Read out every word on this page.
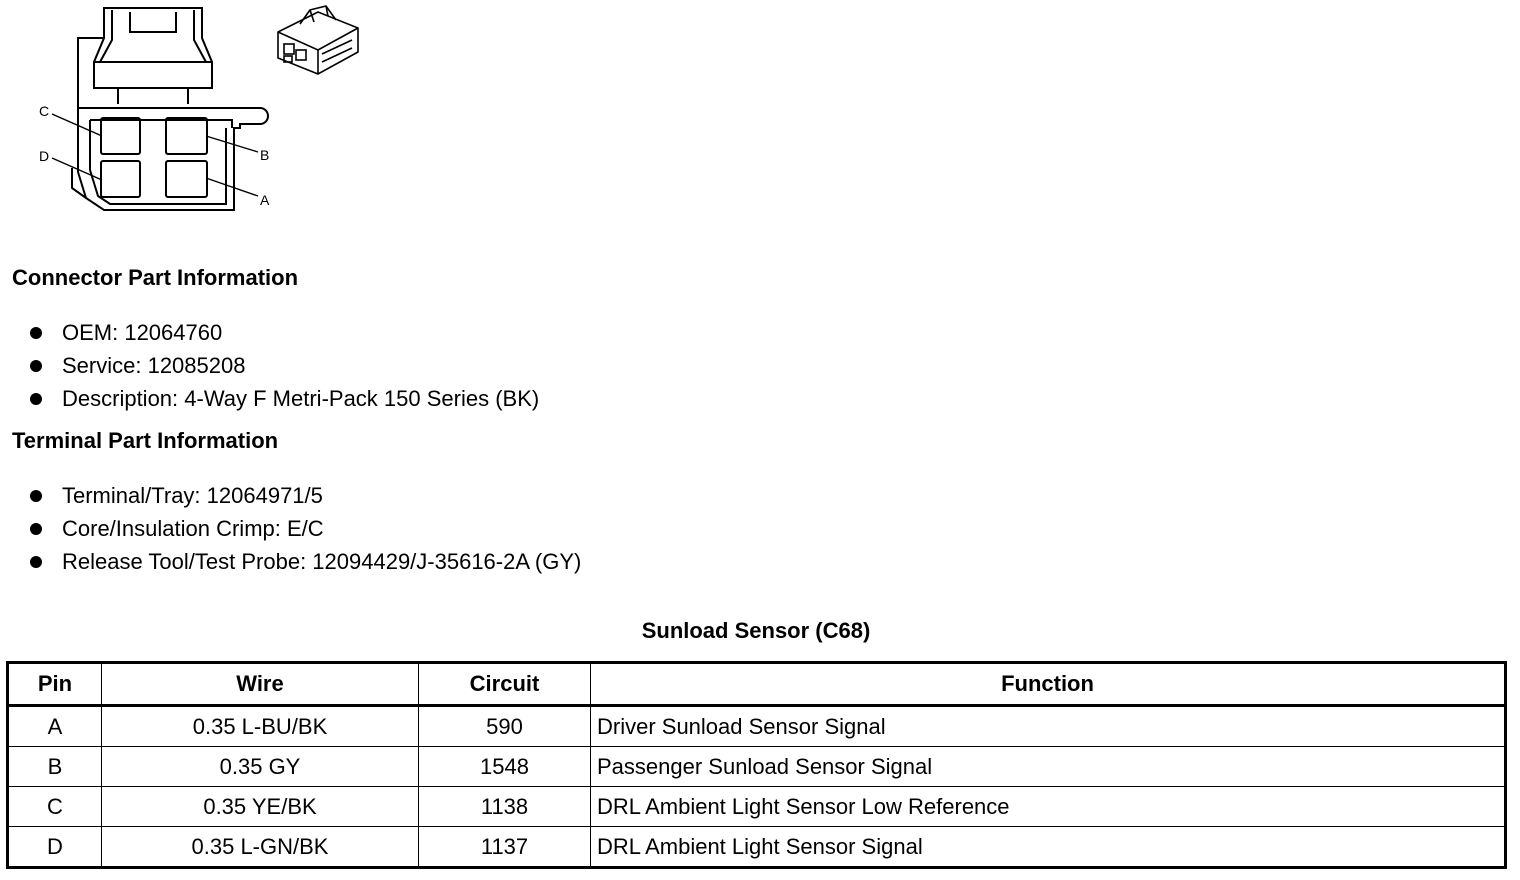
C
B
D
A
Connector Part Information
OEM: 12064760
Service: 12085208
Description: 4-Way F Metri-Pack 150 Series (BK)
Terminal Part Information
Terminal/Tray: 12064971/5
Core/Insulation Crimp: E/C
Release Tool/Test Probe: 12094429/J-35616-2A (GY)
Sunload Sensor (C68)
Pin	Wire	Circuit	Function
A	0.35 L-BU/BK	590	Driver Sunload Sensor Signal
B	0.35 GY	1548	Passenger Sunload Sensor Signal
C	0.35 YE/BK	1138	DRL Ambient Light Sensor Low Reference
D	0.35 L-GN/BK	1137	DRL Ambient Light Sensor Signal
